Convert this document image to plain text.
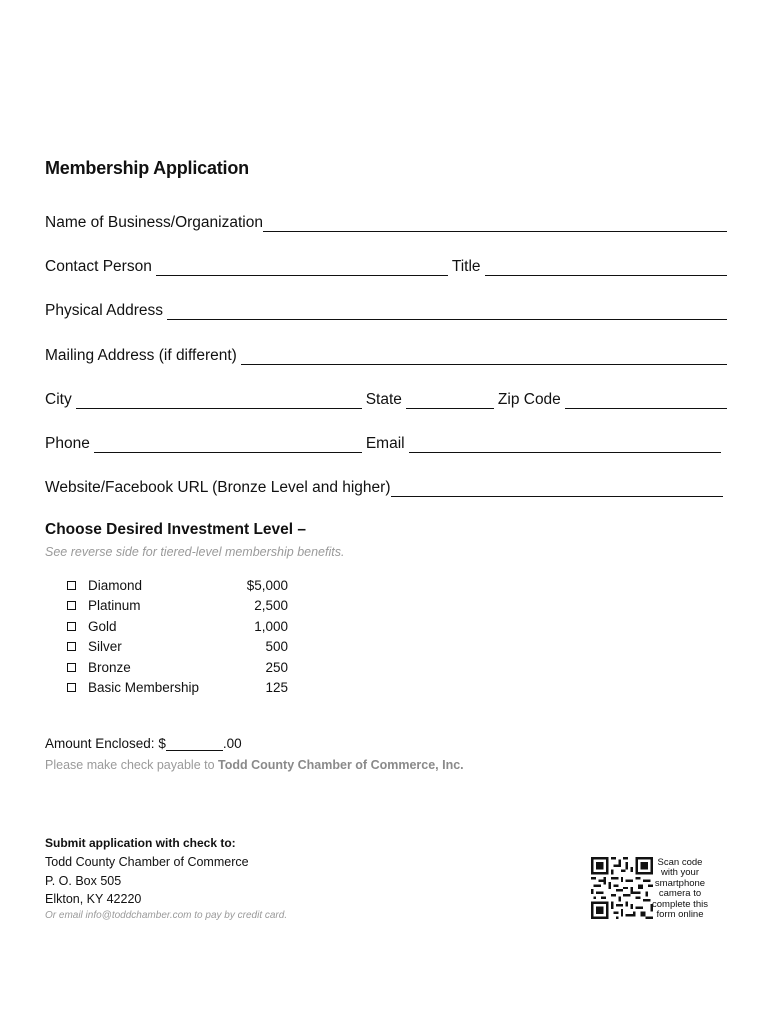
Membership Application
Name of Business/Organization
Contact Person	Title
Physical Address
Mailing Address (if different)
City	State	Zip Code
Phone	Email
Website/Facebook URL (Bronze Level and higher)
Choose Desired Investment Level –
See reverse side for tiered-level membership benefits.
Diamond	$5,000
Platinum	2,500
Gold	1,000
Silver	500
Bronze	250
Basic Membership	125
Amount Enclosed: $	.00
Please make check payable to Todd County Chamber of Commerce, Inc.
Submit application with check to:
Todd County Chamber of Commerce
P. O. Box 505
Elkton, KY 42220
Or email info@toddchamber.com to pay by credit card.
Scan code with your smartphone camera to complete this form online
